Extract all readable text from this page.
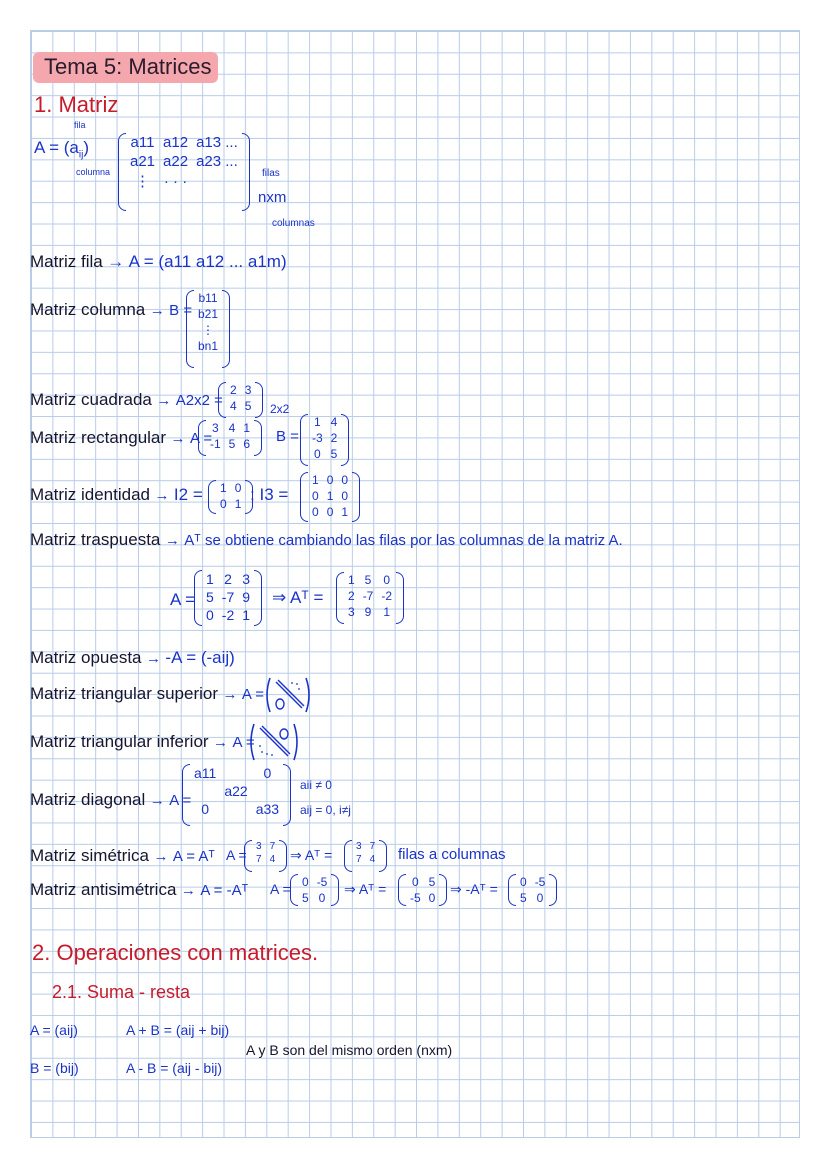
Tema 5: Matrices
1. Matriz
$A = (a_{ij})$
fila
columna
a11	a12	a13 ...
a21	a22	a23 ...
⋮	· · ·		filas
nxm
columnas
Matriz fila → A = (a11 a12 ... a1m)
Matriz columna → B =
b11
b21
⋮
bn1
Matriz cuadrada → A2x2 =
2	3
4	5 2x2
Matriz rectangular → A =
3	4	1
-1	5	6 B =
1	4
-3	2
0	5
Matriz identidad → I2 = 1	0
0	1 ; I3 =
1	0	0
0	1	0
0	0	1
Matriz traspuesta → Aᵀ se obtiene cambiando las filas por las columnas de la matriz A.
A =
1	2	3
5	-7	9
0	-2	1
⇒ Aᵀ =
1	5	0
2	-7	-2
3	9	1
Matriz opuesta → -A = (-aij)
Matriz triangular superior → A =
Matriz triangular inferior → A =
Matriz diagonal → A =
a11		0
	a22	
0		a33
aii ≠ 0
aij = 0, i≠j
Matriz simétrica → A = Aᵀ A =
3	7
7	4 ⇒ Aᵀ =
3	7
7	4 filas a columnas
Matriz antisimétrica → A = -Aᵀ A = 0	-5
5	0
⇒ Aᵀ = 0	5
-5	0
⇒ -Aᵀ = 0	-5
5	0
2. Operaciones con matrices.
2.1. Suma - resta
A = (aij)
B = (bij)
A + B = (aij + bij)
A - B = (aij - bij)
A y B son del mismo orden (nxm)
